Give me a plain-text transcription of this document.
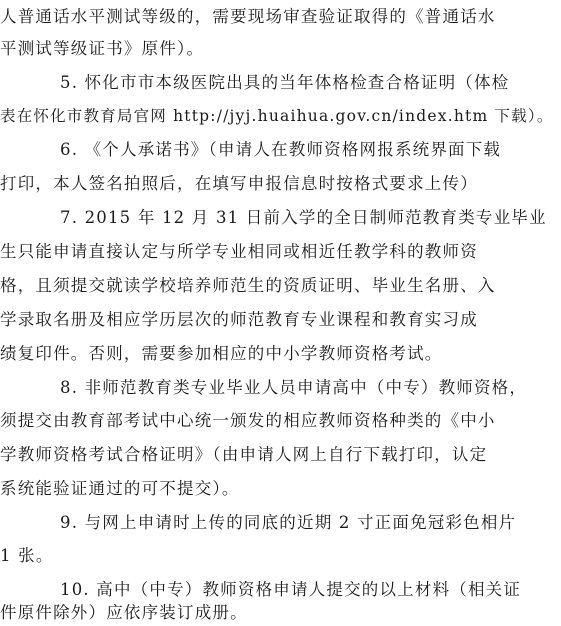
人普通话水平测试等级的，需要现场审查验证取得的《普通话水
平测试等级证书》原件）。
5. 怀化市市本级医院出具的当年体格检查合格证明（体检
表在怀化市教育局官网 http://jyj.huaihua.gov.cn/index.htm 下载）。
6. 《个人承诺书》（申请人在教师资格网报系统界面下载
打印，本人签名拍照后，在填写申报信息时按格式要求上传）
7. 2015 年 12 月 31 日前入学的全日制师范教育类专业毕业
生只能申请直接认定与所学专业相同或相近任教学科的教师资
格，且须提交就读学校培养师范生的资质证明、毕业生名册、入
学录取名册及相应学历层次的师范教育专业课程和教育实习成
绩复印件。否则，需要参加相应的中小学教师资格考试。
8. 非师范教育类专业毕业人员申请高中（中专）教师资格，
须提交由教育部考试中心统一颁发的相应教师资格种类的《中小
学教师资格考试合格证明》（由申请人网上自行下载打印，认定
系统能验证通过的可不提交）。
9. 与网上申请时上传的同底的近期 2 寸正面免冠彩色相片
1 张。
10. 高中（中专）教师资格申请人提交的以上材料（相关证
件原件除外）应依序装订成册。
